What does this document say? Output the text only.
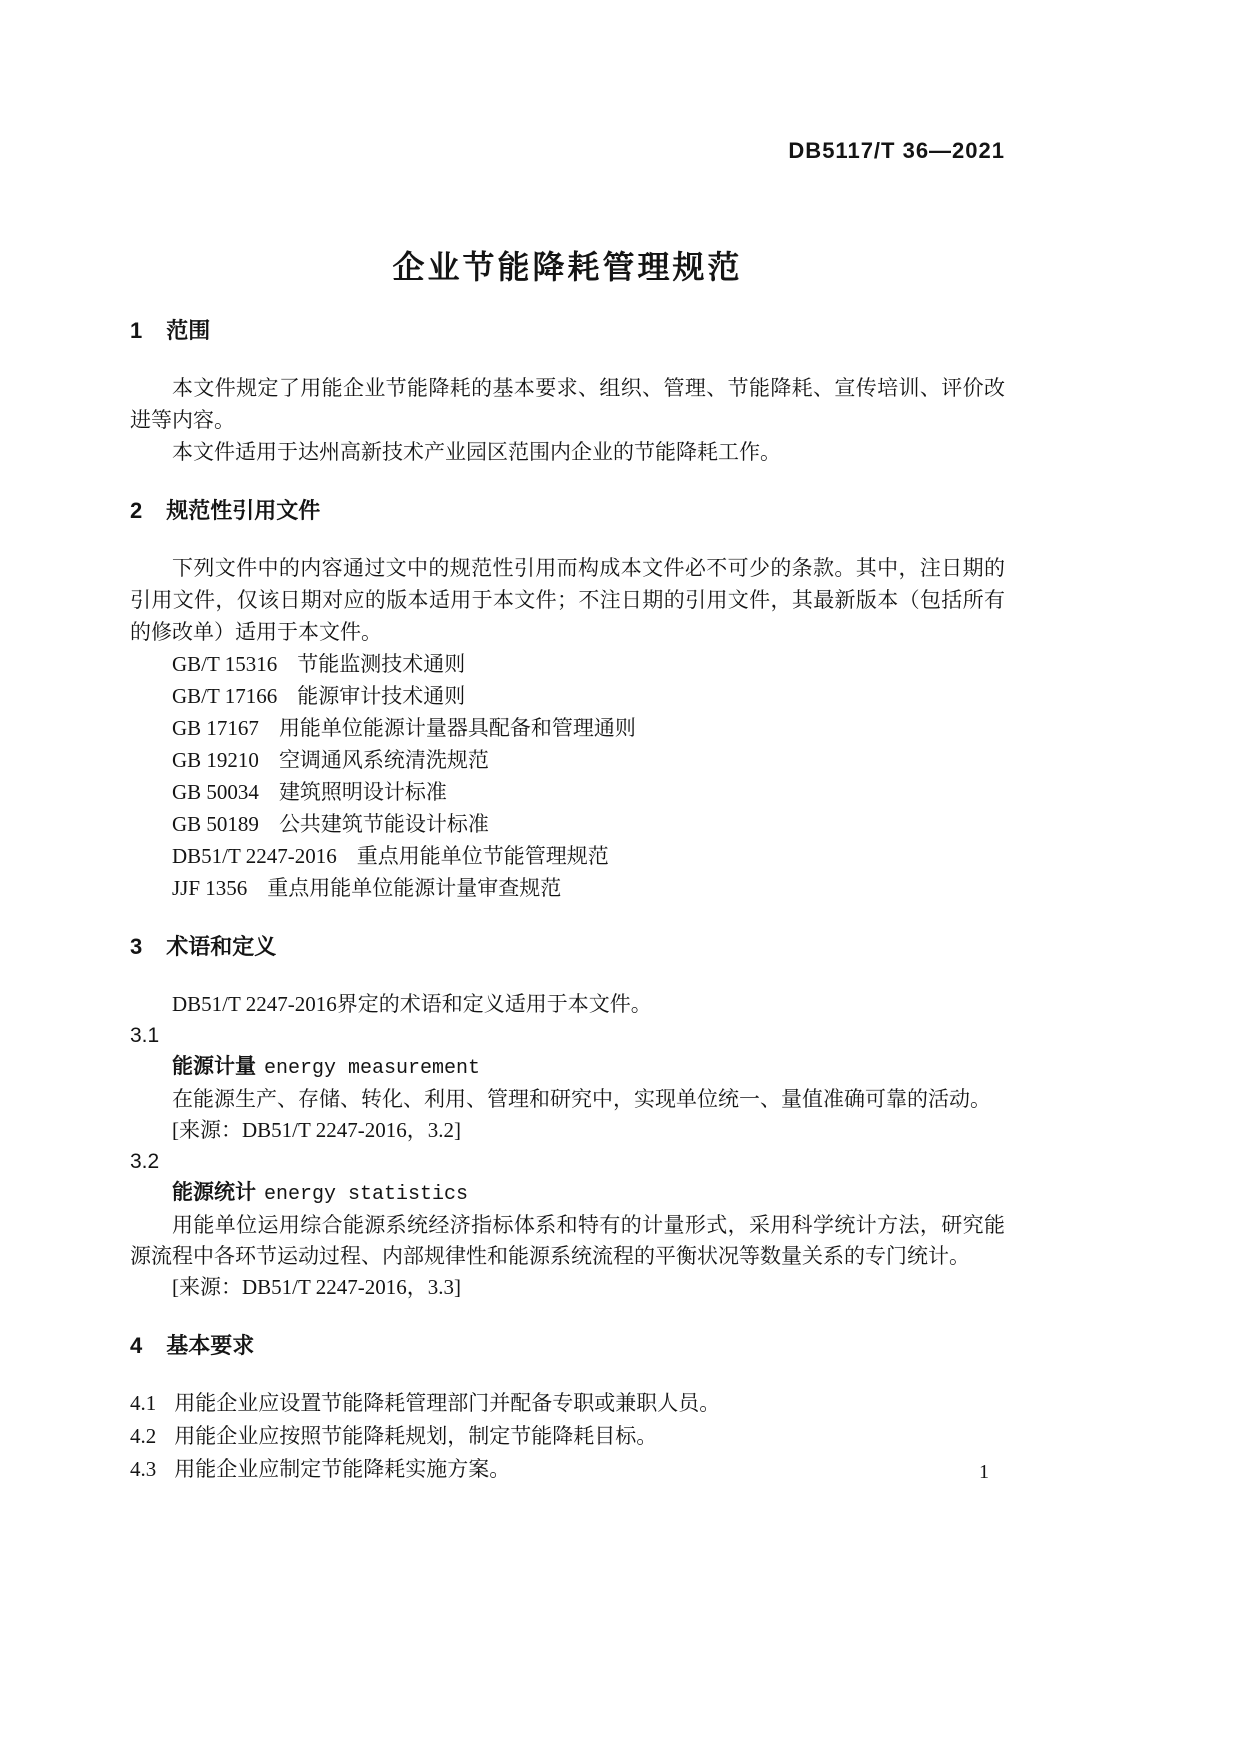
DB5117/T 36—2021
企业节能降耗管理规范
1 范围

本文件规定了用能企业节能降耗的基本要求、组织、管理、节能降耗、宣传培训、评价改进等内容。

本文件适用于达州高新技术产业园区范围内企业的节能降耗工作。

2 规范性引用文件

下列文件中的内容通过文中的规范性引用而构成本文件必不可少的条款。其中，注日期的引用文件，仅该日期对应的版本适用于本文件；不注日期的引用文件，其最新版本（包括所有的修改单）适用于本文件。

GB/T 15316 节能监测技术通则
GB/T 17166 能源审计技术通则
GB 17167 用能单位能源计量器具配备和管理通则
GB 19210 空调通风系统清洗规范
GB 50034 建筑照明设计标准
GB 50189 公共建筑节能设计标准
DB51/T 2247-2016 重点用能单位节能管理规范
JJF 1356 重点用能单位能源计量审查规范
3 术语和定义

DB51/T 2247-2016界定的术语和定义适用于本文件。

3.1
能源计量 energy measurement

在能源生产、存储、转化、利用、管理和研究中，实现单位统一、量值准确可靠的活动。

[来源：DB51/T 2247-2016，3.2]

3.2
能源统计 energy statistics

用能单位运用综合能源系统经济指标体系和特有的计量形式，采用科学统计方法，研究能源流程中各环节运动过程、内部规律性和能源系统流程的平衡状况等数量关系的专门统计。

[来源：DB51/T 2247-2016，3.3]

4 基本要求
4.1 用能企业应设置节能降耗管理部门并配备专职或兼职人员。
4.2 用能企业应按照节能降耗规划，制定节能降耗目标。
4.3 用能企业应制定节能降耗实施方案。	1
